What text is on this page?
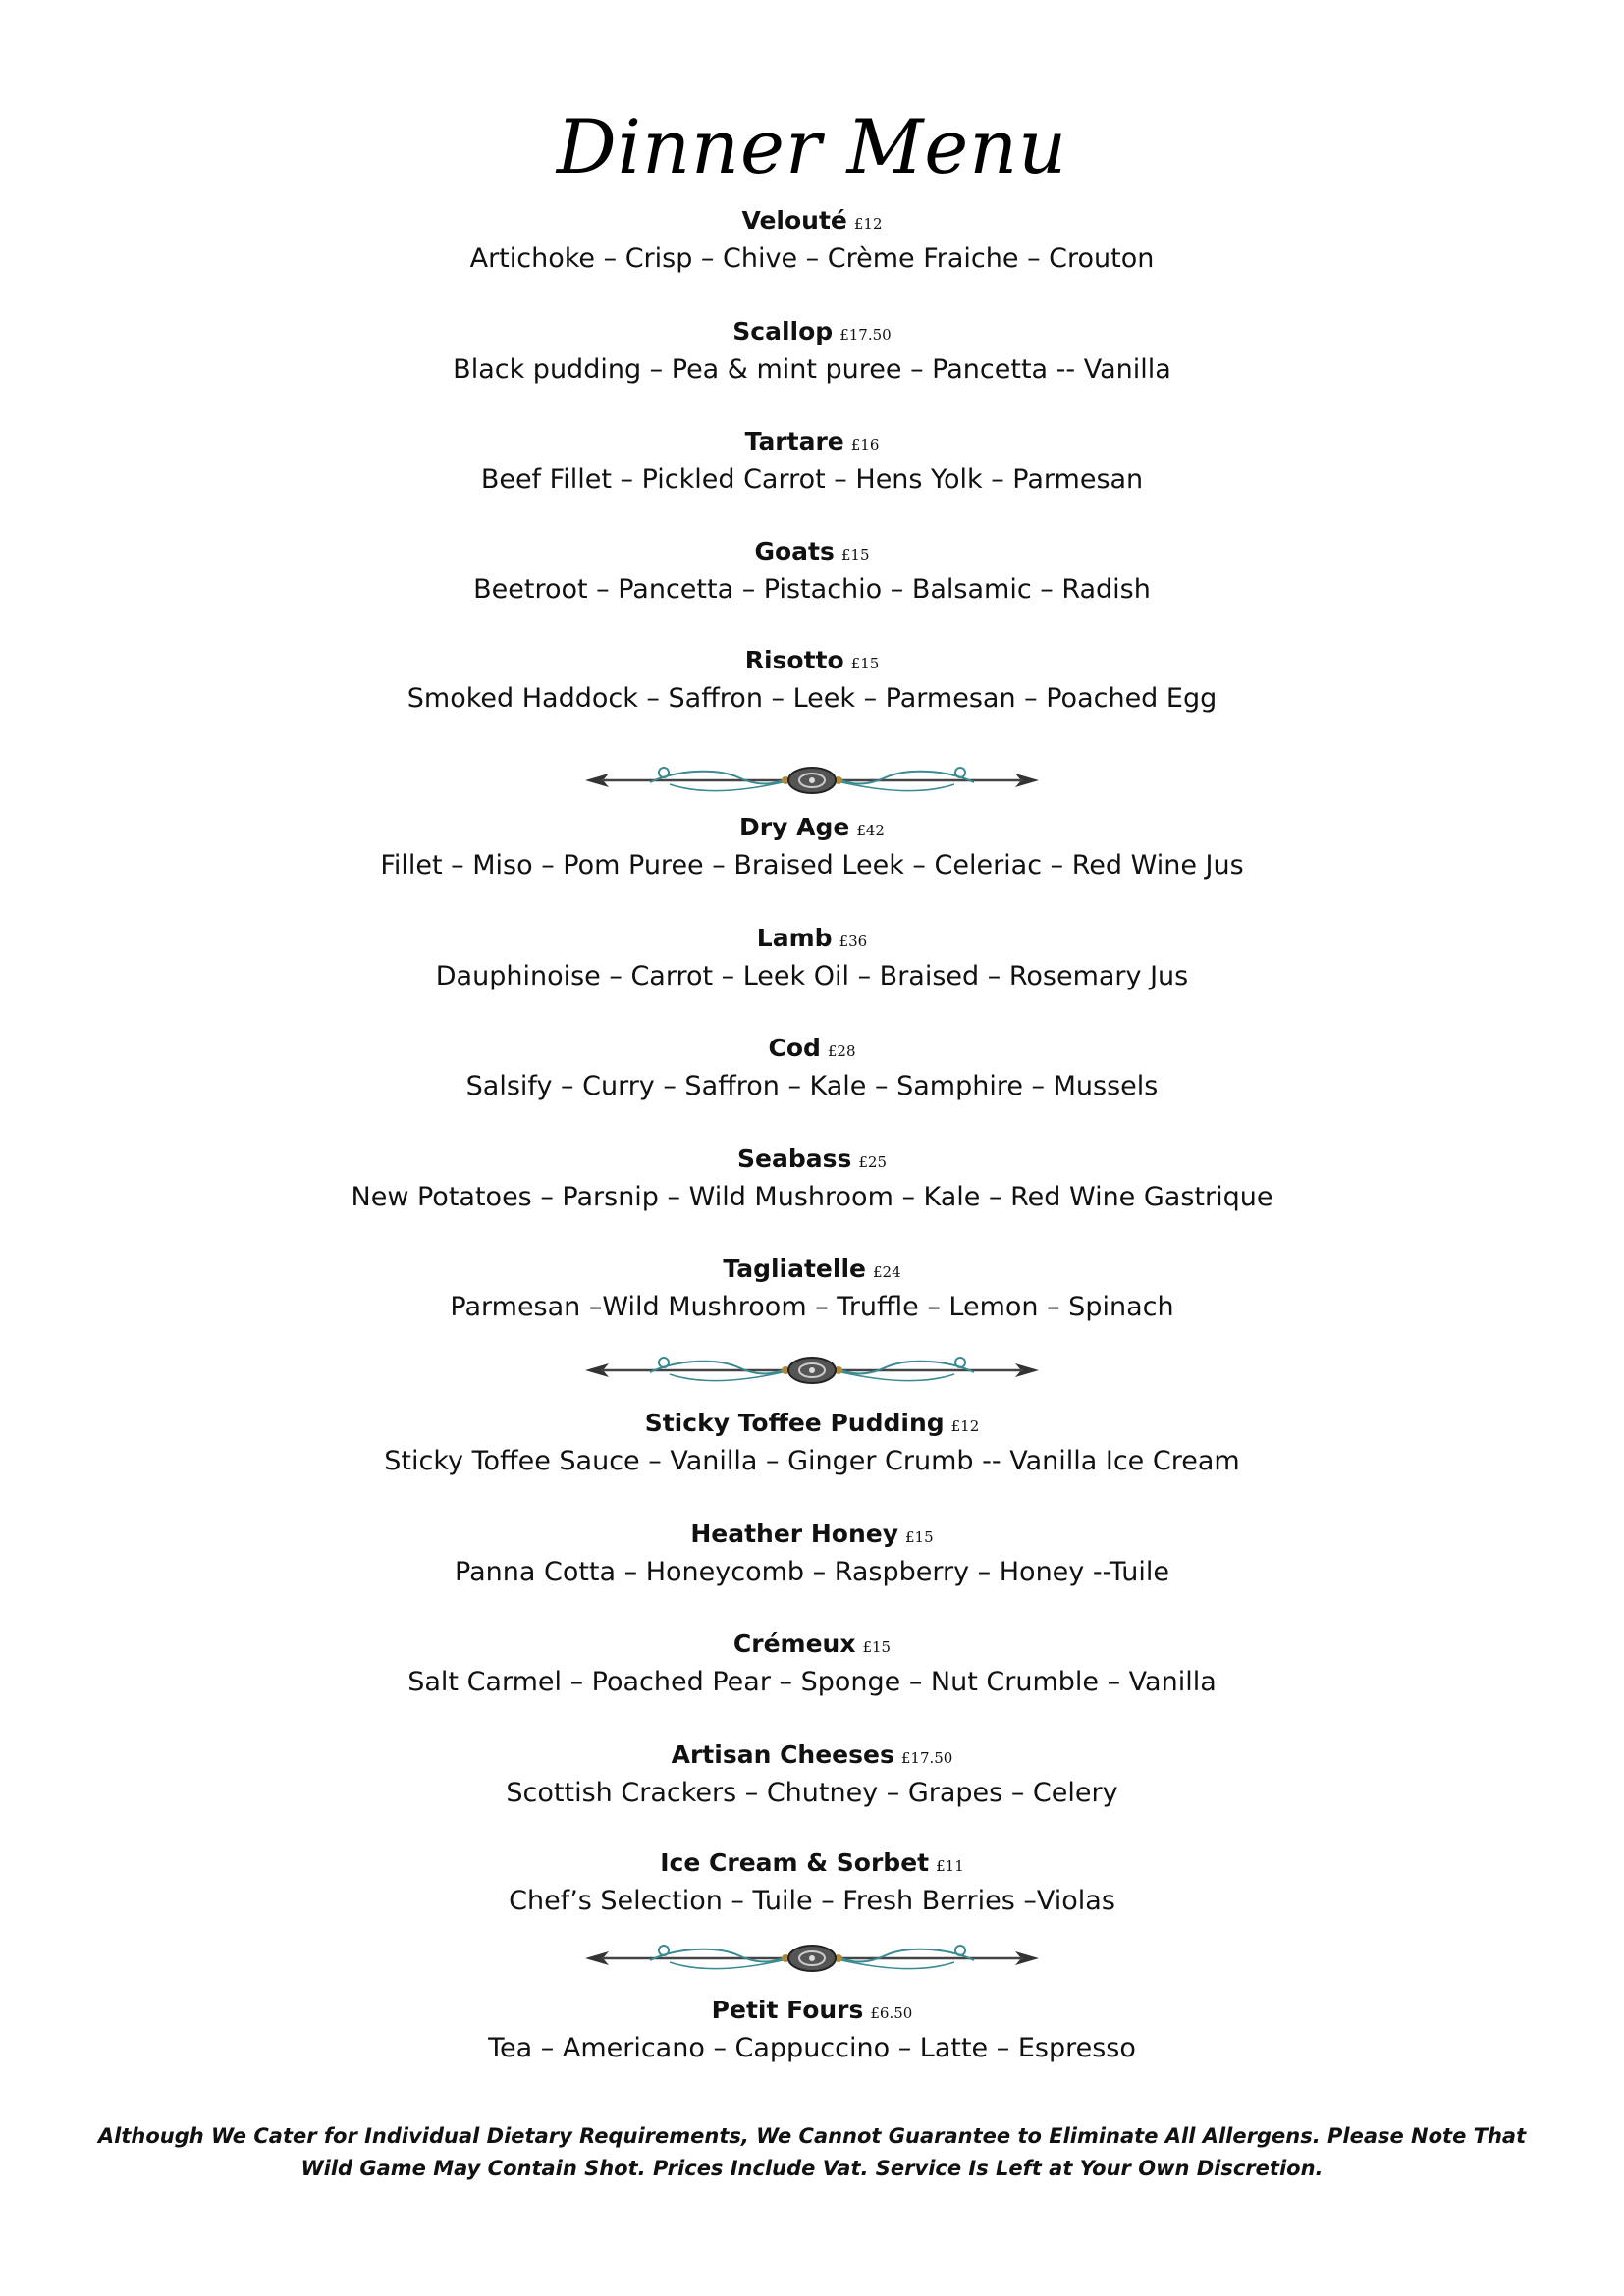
Dinner Menu
Velouté £12
Artichoke – Crisp – Chive – Crème Fraiche – Crouton
Scallop £17.50
Black pudding – Pea & mint puree – Pancetta -- Vanilla
Tartare £16
Beef Fillet – Pickled Carrot – Hens Yolk – Parmesan
Goats £15
Beetroot – Pancetta – Pistachio – Balsamic – Radish
Risotto £15
Smoked Haddock – Saffron – Leek – Parmesan – Poached Egg
Dry Age £42
Fillet – Miso – Pom Puree – Braised Leek – Celeriac – Red Wine Jus
Lamb £36
Dauphinoise – Carrot – Leek Oil – Braised – Rosemary Jus
Cod £28
Salsify – Curry – Saffron – Kale – Samphire – Mussels
Seabass £25
New Potatoes – Parsnip – Wild Mushroom – Kale – Red Wine Gastrique
Tagliatelle £24
Parmesan –Wild Mushroom – Truffle – Lemon – Spinach
Sticky Toffee Pudding £12
Sticky Toffee Sauce – Vanilla – Ginger Crumb -- Vanilla Ice Cream
Heather Honey £15
Panna Cotta – Honeycomb – Raspberry – Honey --Tuile
Crémeux £15
Salt Carmel – Poached Pear – Sponge – Nut Crumble – Vanilla
Artisan Cheeses £17.50
Scottish Crackers – Chutney – Grapes – Celery
Ice Cream & Sorbet £11
Chef’s Selection – Tuile – Fresh Berries –Violas
Petit Fours £6.50
Tea – Americano – Cappuccino – Latte – Espresso
Although We Cater for Individual Dietary Requirements, We Cannot Guarantee to Eliminate All Allergens. Please Note That Wild Game May Contain Shot. Prices Include Vat. Service Is Left at Your Own Discretion.
